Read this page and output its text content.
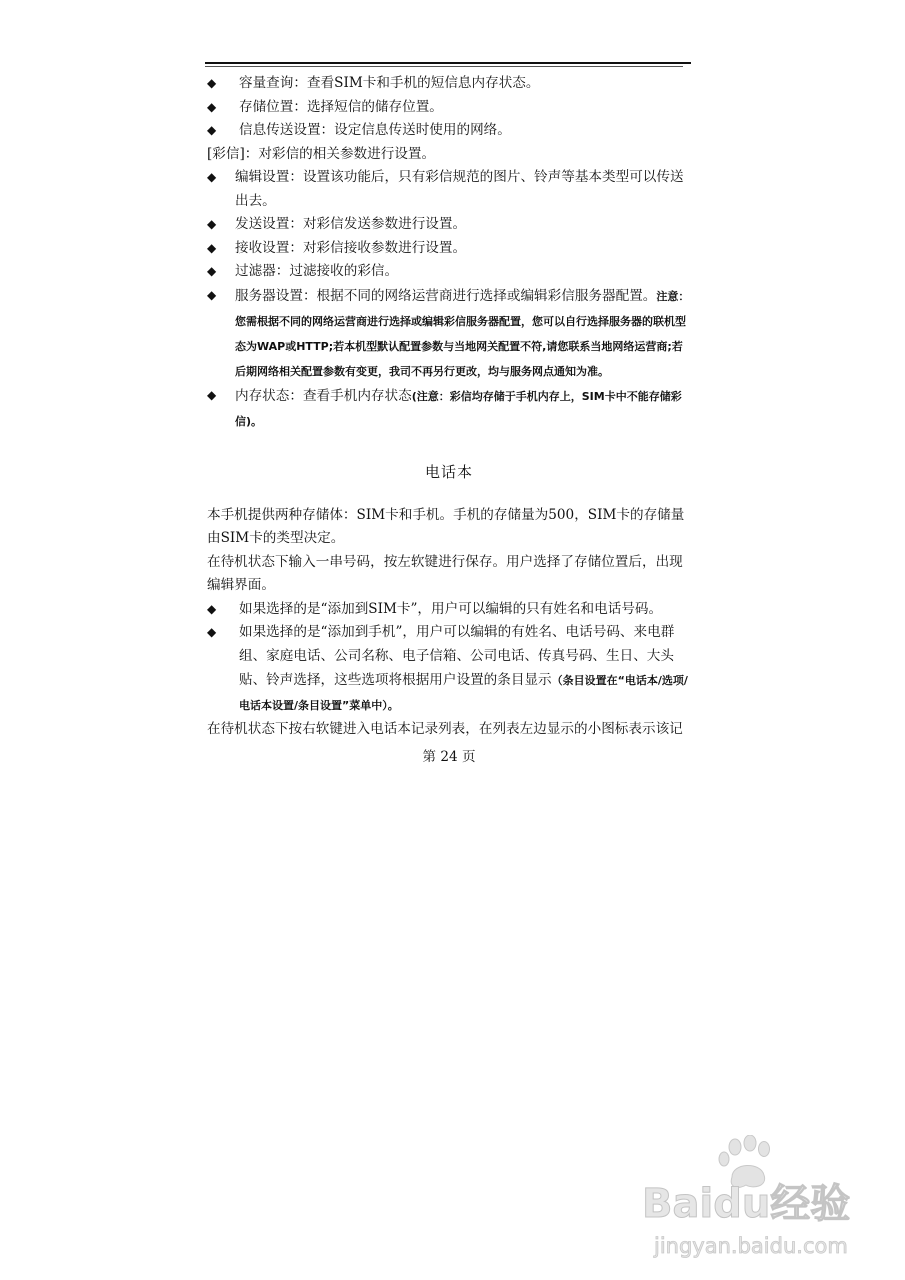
◆	容量查询：查看SIM卡和手机的短信息内存状态。
◆	存储位置：选择短信的储存位置。
◆	信息传送设置：设定信息传送时使用的网络。

[彩信]：对彩信的相关参数进行设置。

◆	编辑设置：设置该功能后，只有彩信规范的图片、铃声等基本类型可以传送出去。
◆	发送设置：对彩信发送参数进行设置。
◆	接收设置：对彩信接收参数进行设置。
◆	过滤器：过滤接收的彩信。
◆	服务器设置：根据不同的网络运营商进行选择或编辑彩信服务器配置。注意：您需根据不同的网络运营商进行选择或编辑彩信服务器配置，您可以自行选择服务器的联机型态为WAP或HTTP;若本机型默认配置参数与当地网关配置不符,请您联系当地网络运营商;若后期网络相关配置参数有变更，我司不再另行更改，均与服务网点通知为准。
◆	内存状态：查看手机内存状态(注意：彩信均存储于手机内存上，SIM卡中不能存储彩信)。
电话本

本手机提供两种存储体：SIM卡和手机。手机的存储量为500，SIM卡的存储量由SIM卡的类型决定。

在待机状态下输入一串号码，按左软键进行保存。用户选择了存储位置后，出现编辑界面。

◆	如果选择的是“添加到SIM卡”，用户可以编辑的只有姓名和电话号码。
◆	如果选择的是“添加到手机”，用户可以编辑的有姓名、电话号码、来电群组、家庭电话、公司名称、电子信箱、公司电话、传真号码、生日、大头贴、铃声选择，这些选项将根据用户设置的条目显示（条目设置在“电话本/选项/电话本设置/条目设置”菜单中）。

在待机状态下按右软键进入电话本记录列表，在列表左边显示的小图标表示该记

第 24 页
Baidu经验
jingyan.baidu.com
